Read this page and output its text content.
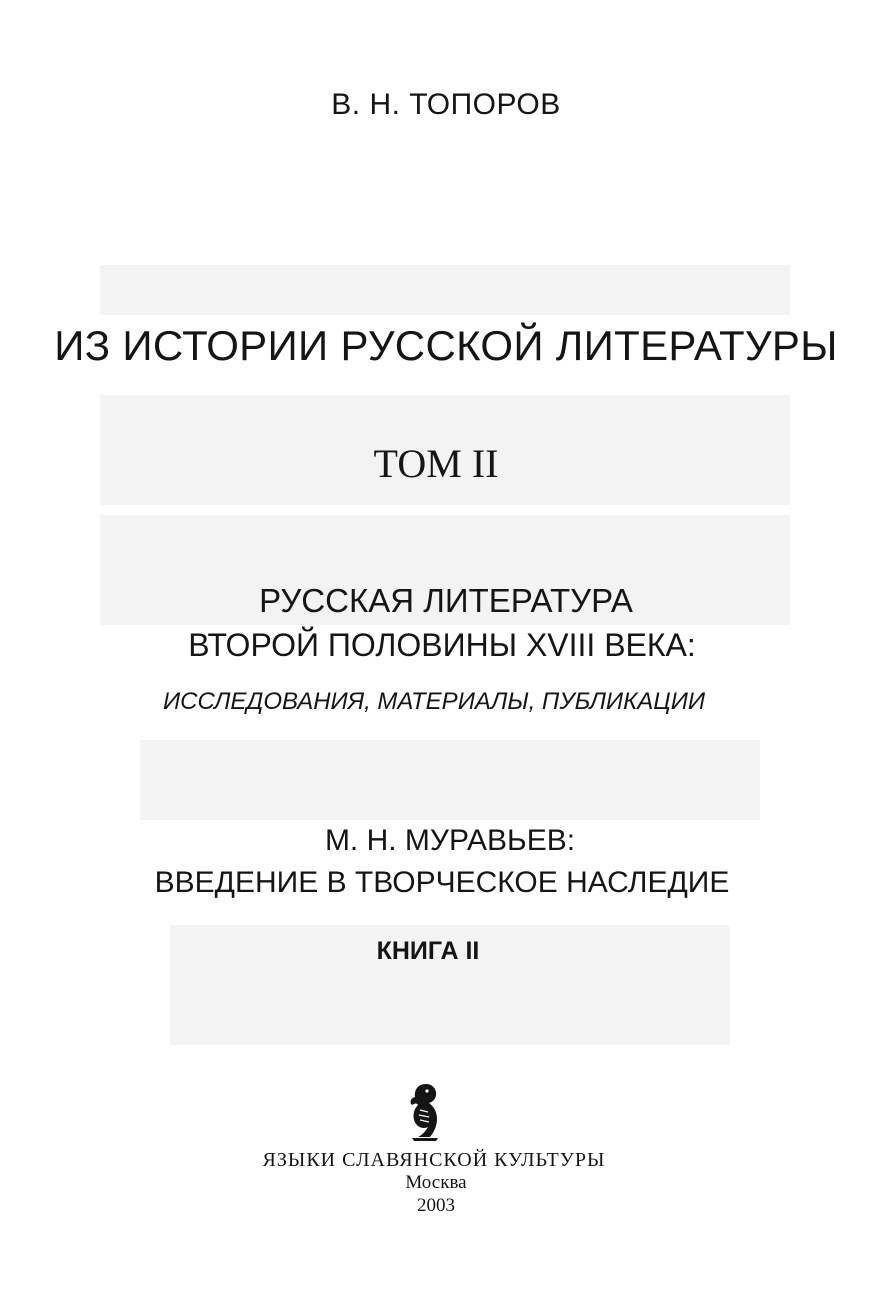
В. Н. ТОПОРОВ
ИЗ ИСТОРИИ РУССКОЙ ЛИТЕРАТУРЫ
ТОМ II
РУССКАЯ ЛИТЕРАТУРА
ВТОРОЙ ПОЛОВИНЫ XVIII ВЕКА:
ИССЛЕДОВАНИЯ, МАТЕРИАЛЫ, ПУБЛИКАЦИИ
М. Н. МУРАВЬЕВ:
ВВЕДЕНИЕ В ТВОРЧЕСКОЕ НАСЛЕДИЕ
КНИГА II
ЯЗЫКИ СЛАВЯНСКОЙ КУЛЬТУРЫ
Москва
2003
